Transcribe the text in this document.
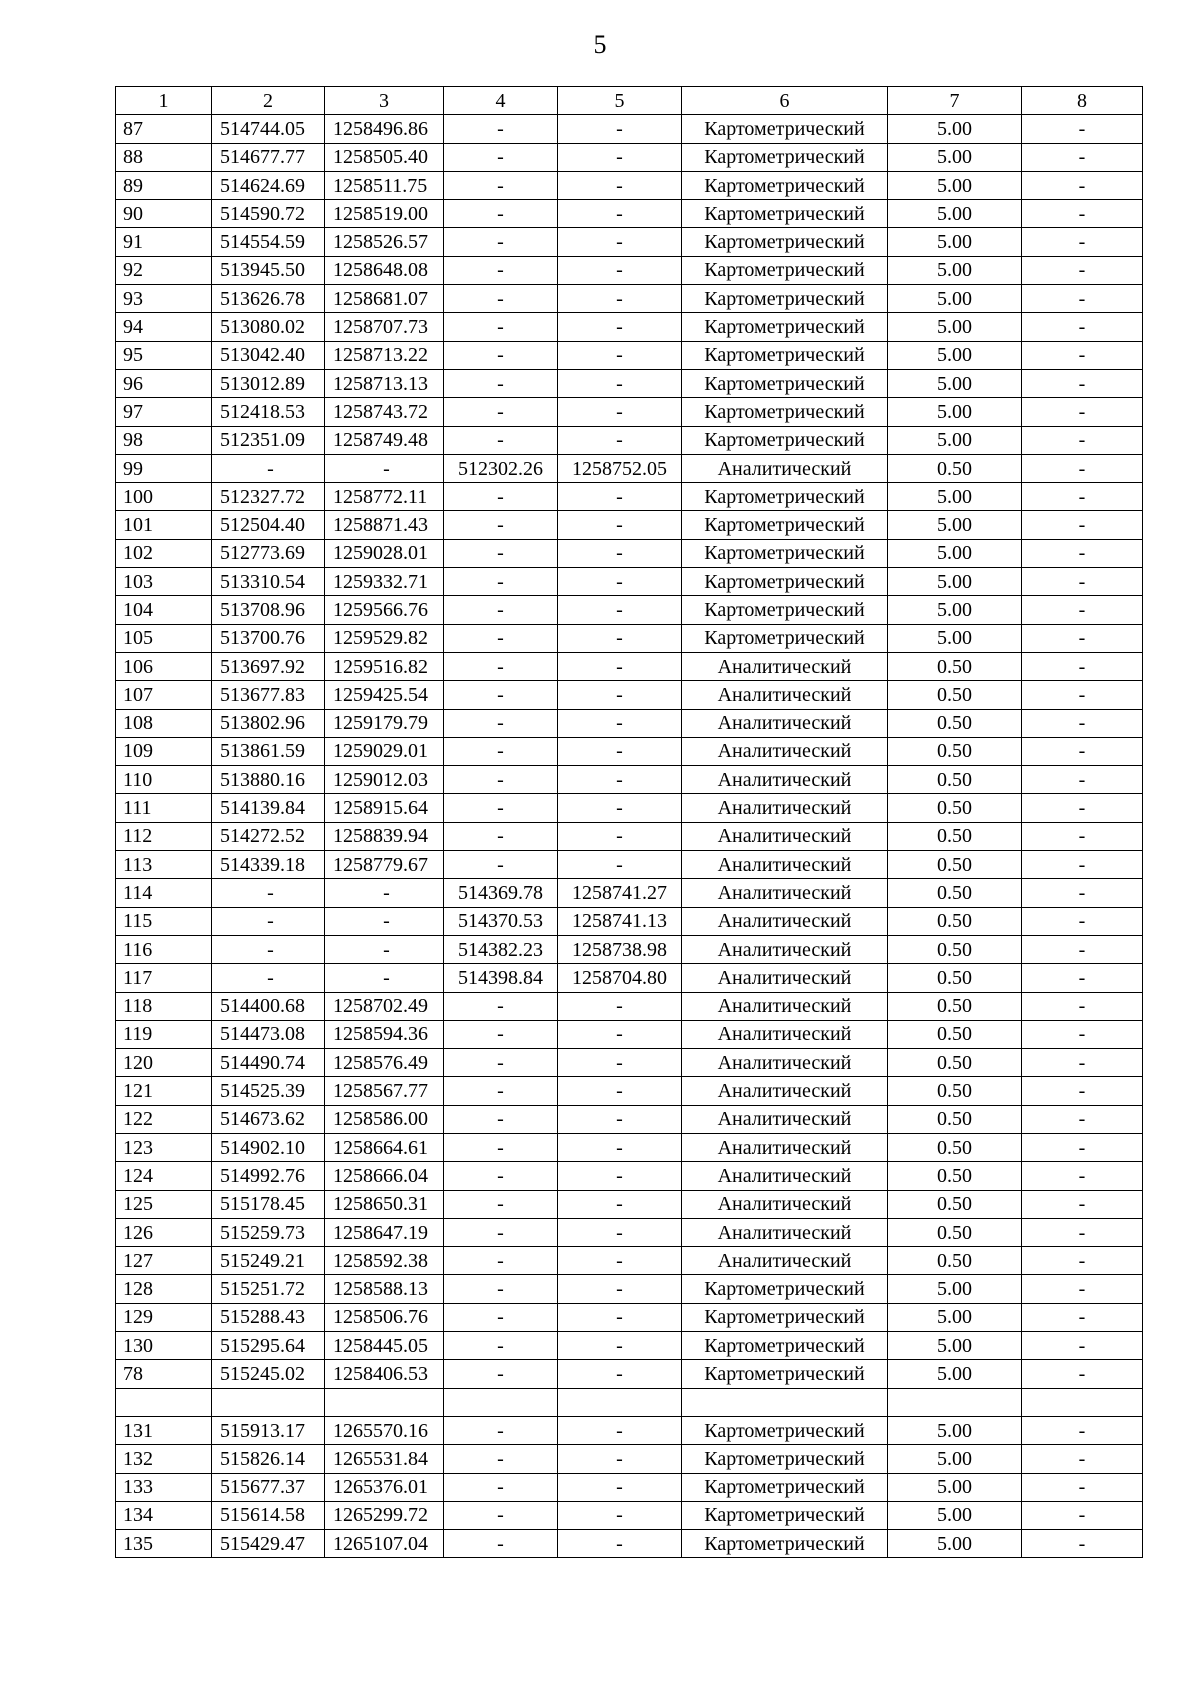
5
1	2	3	4	5	6	7	8
87	514744.05	1258496.86	-	-	Картометрический	5.00	-
88	514677.77	1258505.40	-	-	Картометрический	5.00	-
89	514624.69	1258511.75	-	-	Картометрический	5.00	-
90	514590.72	1258519.00	-	-	Картометрический	5.00	-
91	514554.59	1258526.57	-	-	Картометрический	5.00	-
92	513945.50	1258648.08	-	-	Картометрический	5.00	-
93	513626.78	1258681.07	-	-	Картометрический	5.00	-
94	513080.02	1258707.73	-	-	Картометрический	5.00	-
95	513042.40	1258713.22	-	-	Картометрический	5.00	-
96	513012.89	1258713.13	-	-	Картометрический	5.00	-
97	512418.53	1258743.72	-	-	Картометрический	5.00	-
98	512351.09	1258749.48	-	-	Картометрический	5.00	-
99	-	-	512302.26	1258752.05	Аналитический	0.50	-
100	512327.72	1258772.11	-	-	Картометрический	5.00	-
101	512504.40	1258871.43	-	-	Картометрический	5.00	-
102	512773.69	1259028.01	-	-	Картометрический	5.00	-
103	513310.54	1259332.71	-	-	Картометрический	5.00	-
104	513708.96	1259566.76	-	-	Картометрический	5.00	-
105	513700.76	1259529.82	-	-	Картометрический	5.00	-
106	513697.92	1259516.82	-	-	Аналитический	0.50	-
107	513677.83	1259425.54	-	-	Аналитический	0.50	-
108	513802.96	1259179.79	-	-	Аналитический	0.50	-
109	513861.59	1259029.01	-	-	Аналитический	0.50	-
110	513880.16	1259012.03	-	-	Аналитический	0.50	-
111	514139.84	1258915.64	-	-	Аналитический	0.50	-
112	514272.52	1258839.94	-	-	Аналитический	0.50	-
113	514339.18	1258779.67	-	-	Аналитический	0.50	-
114	-	-	514369.78	1258741.27	Аналитический	0.50	-
115	-	-	514370.53	1258741.13	Аналитический	0.50	-
116	-	-	514382.23	1258738.98	Аналитический	0.50	-
117	-	-	514398.84	1258704.80	Аналитический	0.50	-
118	514400.68	1258702.49	-	-	Аналитический	0.50	-
119	514473.08	1258594.36	-	-	Аналитический	0.50	-
120	514490.74	1258576.49	-	-	Аналитический	0.50	-
121	514525.39	1258567.77	-	-	Аналитический	0.50	-
122	514673.62	1258586.00	-	-	Аналитический	0.50	-
123	514902.10	1258664.61	-	-	Аналитический	0.50	-
124	514992.76	1258666.04	-	-	Аналитический	0.50	-
125	515178.45	1258650.31	-	-	Аналитический	0.50	-
126	515259.73	1258647.19	-	-	Аналитический	0.50	-
127	515249.21	1258592.38	-	-	Аналитический	0.50	-
128	515251.72	1258588.13	-	-	Картометрический	5.00	-
129	515288.43	1258506.76	-	-	Картометрический	5.00	-
130	515295.64	1258445.05	-	-	Картометрический	5.00	-
78	515245.02	1258406.53	-	-	Картометрический	5.00	-

131	515913.17	1265570.16	-	-	Картометрический	5.00	-
132	515826.14	1265531.84	-	-	Картометрический	5.00	-
133	515677.37	1265376.01	-	-	Картометрический	5.00	-
134	515614.58	1265299.72	-	-	Картометрический	5.00	-
135	515429.47	1265107.04	-	-	Картометрический	5.00	-
